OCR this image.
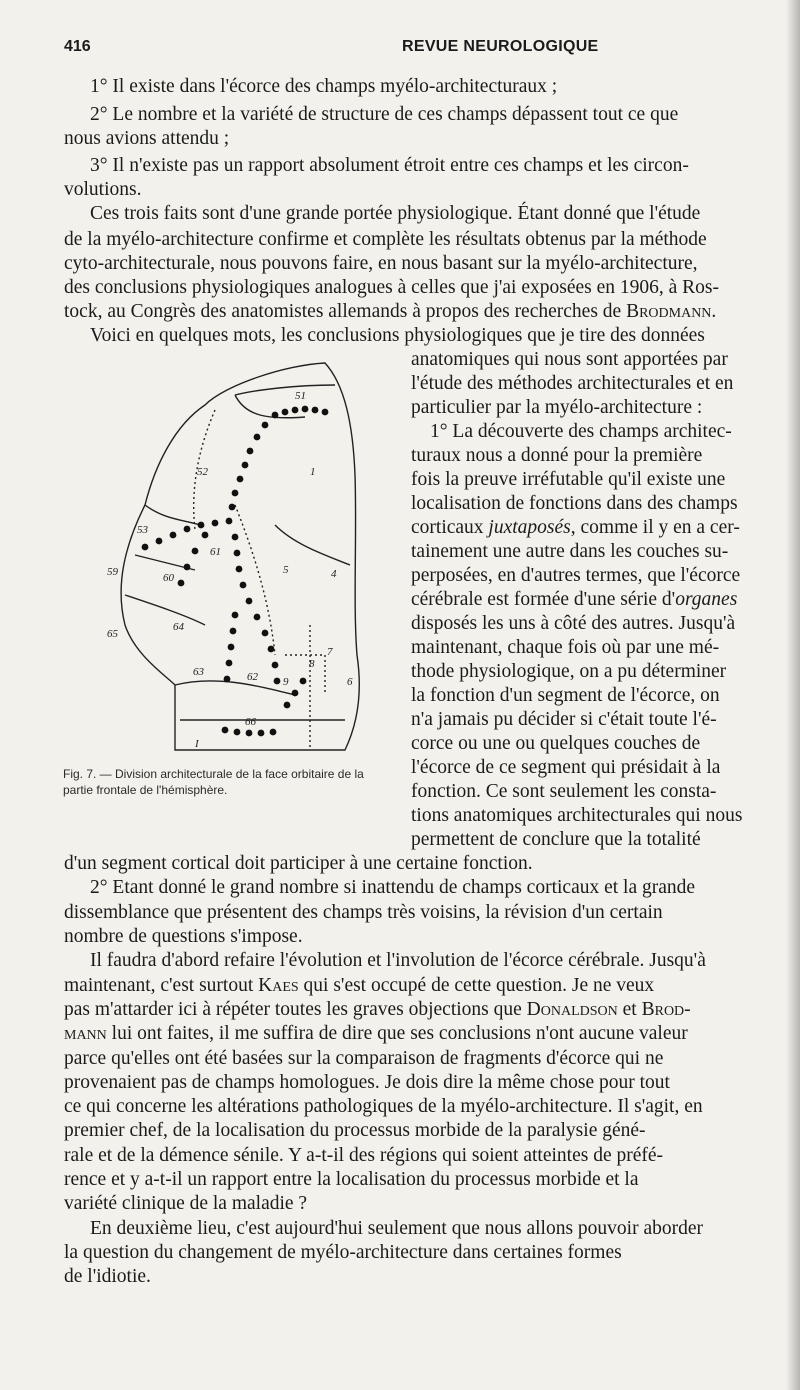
416	REVUE NEUROLOGIQUE
1° Il existe dans l'écorce des champs myélo-architecturaux ;
2° Le nombre et la variété de structure de ces champs dépassent tout ce que
nous avions attendu ;
3° Il n'existe pas un rapport absolument étroit entre ces champs et les circon-
volutions.
Ces trois faits sont d'une grande portée physiologique. Étant donné que l'étude
de la myélo-architecture confirme et complète les résultats obtenus par la méthode
cyto-architecturale, nous pouvons faire, en nous basant sur la myélo-architecture,
des conclusions physiologiques analogues à celles que j'ai exposées en 1906, à Ros-
tock, au Congrès des anatomistes allemands à propos des recherches de Brodmann.
Voici en quelques mots, les conclusions physiologiques que je tire des données
anatomiques qui nous sont apportées par
l'étude des méthodes architecturales et en
particulier par la myélo-architecture :
1° La découverte des champs architec-
turaux nous a donné pour la première
fois la preuve irréfutable qu'il existe une
localisation de fonctions dans des champs
corticaux juxtaposés, comme il y en a cer-
tainement une autre dans les couches su-
perposées, en d'autres termes, que l'écorce
cérébrale est formée d'une série d'organes
disposés les uns à côté des autres. Jusqu'à
maintenant, chaque fois où par une mé-
thode physiologique, on a pu déterminer
la fonction d'un segment de l'écorce, on
n'a jamais pu décider si c'était toute l'é-
corce ou une ou quelques couches de
l'écorce de ce segment qui présidait à la
fonction. Ce sont seulement les consta-
tions anatomiques architecturales qui nous
permettent de conclure que la totalité
51
52
53
59	60
61
64
65
63	62
66
1
5	4
8
7
6
9
I
Fig. 7. — Division architecturale de la face orbitaire de la partie frontale de l'hémisphère.
d'un segment cortical doit participer à une certaine fonction.
2° Etant donné le grand nombre si inattendu de champs corticaux et la grande
dissemblance que présentent des champs très voisins, la révision d'un certain
nombre de questions s'impose.
Il faudra d'abord refaire l'évolution et l'involution de l'écorce cérébrale. Jusqu'à
maintenant, c'est surtout Kaes qui s'est occupé de cette question. Je ne veux
pas m'attarder ici à répéter toutes les graves objections que Donaldson et Brod-
mann lui ont faites, il me suffira de dire que ses conclusions n'ont aucune valeur
parce qu'elles ont été basées sur la comparaison de fragments d'écorce qui ne
provenaient pas de champs homologues. Je dois dire la même chose pour tout
ce qui concerne les altérations pathologiques de la myélo-architecture. Il s'agit, en
premier chef, de la localisation du processus morbide de la paralysie géné-
rale et de la démence sénile. Y a-t-il des régions qui soient atteintes de préfé-
rence et y a-t-il un rapport entre la localisation du processus morbide et la
variété clinique de la maladie ?
En deuxième lieu, c'est aujourd'hui seulement que nous allons pouvoir aborder
la question du changement de myélo-architecture dans certaines formes
de l'idiotie.
